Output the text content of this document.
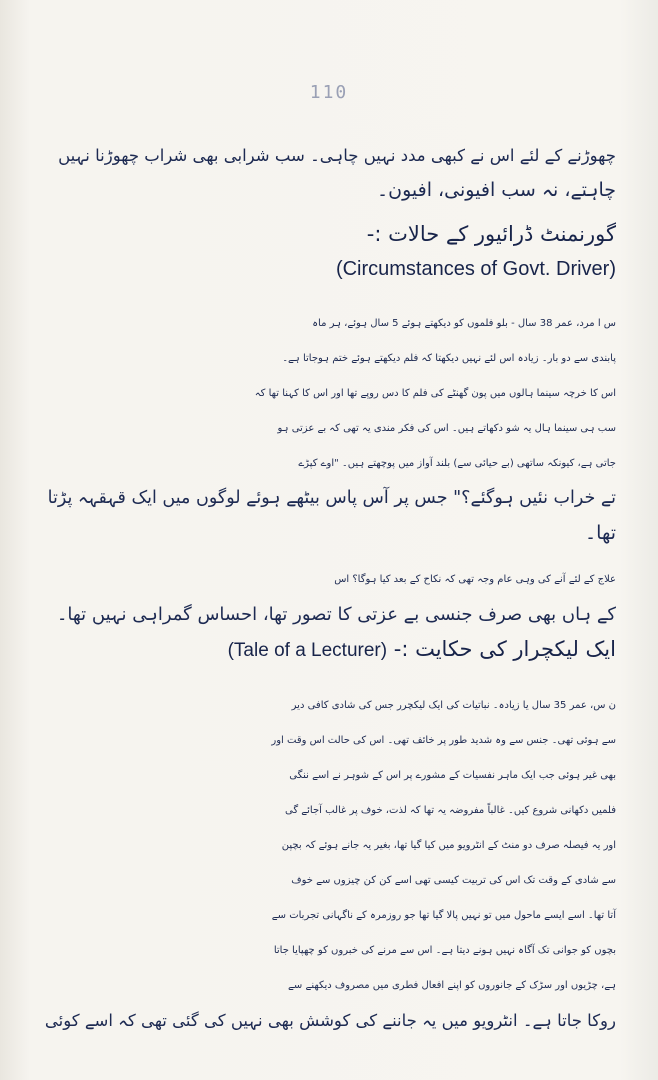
110
چھوڑنے کے لئے اس نے کبھی مدد نہیں چاہی۔ سب شرابی بھی شراب چھوڑنا نہیں
چاہتے، نہ سب افیونی، افیون۔
گورنمنٹ ڈرائیور کے حالات :-
(Circumstances of Govt. Driver)
س ا مرد، عمر 38 سال - بلو فلموں کو دیکھتے ہوئے 5 سال ہوئے، ہر ماہ
پابندی سے دو بار۔ زیادہ اس لئے نہیں دیکھتا کہ فلم دیکھتے ہوئے ختم ہوجاتا ہے۔
اس کا خرچہ سینما ہالوں میں پون گھنٹے کی فلم کا دس روپے تھا اور اس کا کہنا تھا کہ
سب ہی سینما ہال یہ شو دکھاتے ہیں۔ اس کی فکر مندی یہ تھی کہ بے عزتی ہو
جاتی ہے، کیونکہ ساتھی (بے حیائی سے) بلند آواز میں پوچھتے ہیں۔ "اوے کپڑے
تے خراب نئیں ہوگئے؟" جس پر آس پاس بیٹھے ہوئے لوگوں میں ایک قہقہہ پڑتا
تھا۔
علاج کے لئے آنے کی وہی عام وجہ تھی کہ نکاح کے بعد کیا ہوگا؟ اس
کے ہاں بھی صرف جنسی بے عزتی کا تصور تھا، احساس گمراہی نہیں تھا۔
ایک لیکچرار کی حکایت :- (Tale of a Lecturer)
ن س، عمر 35 سال یا زیادہ۔ نباتیات کی ایک لیکچرر جس کی شادی کافی دیر
سے ہوئی تھی۔ جنس سے وہ شدید طور پر خائف تھی۔ اس کی حالت اس وقت اور
بھی غیر ہوئی جب ایک ماہر نفسیات کے مشورے پر اس کے شوہر نے اسے ننگی
فلمیں دکھانی شروع کیں۔ غالباً مفروضہ یہ تھا کہ لذت، خوف پر غالب آجائے گی
اور یہ فیصلہ صرف دو منٹ کے انٹرویو میں کیا گیا تھا، بغیر یہ جانے ہوئے کہ بچپن
سے شادی کے وقت تک اس کی تربیت کیسی تھی اسے کن کن چیزوں سے خوف
آتا تھا۔ اسے ایسے ماحول میں تو نہیں پالا گیا تھا جو روزمرہ کے ناگہانی تجربات سے
بچوں کو جوانی تک آگاہ نہیں ہونے دیتا ہے۔ اس سے مرنے کی خبروں کو چھپایا جاتا
ہے، چڑیوں اور سڑک کے جانوروں کو اپنے افعال فطری میں مصروف دیکھنے سے
روکا جاتا ہے۔ انٹرویو میں یہ جاننے کی کوشش بھی نہیں کی گئی تھی کہ اسے کوئی
